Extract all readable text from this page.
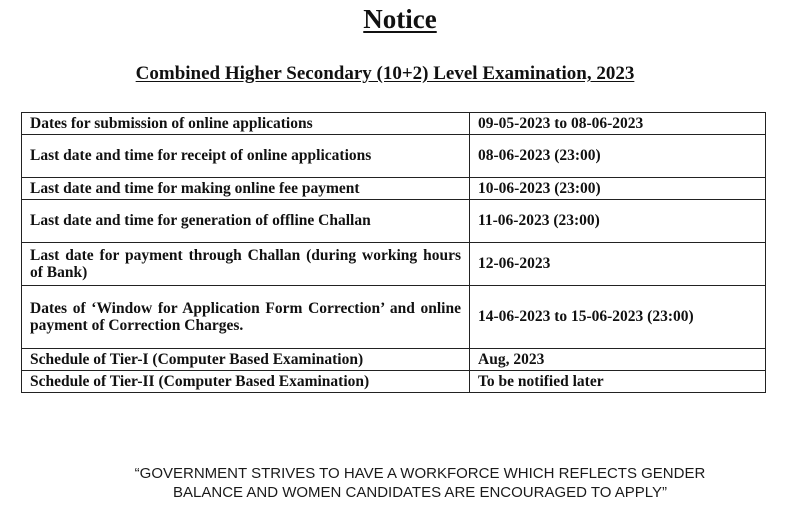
Notice
Combined Higher Secondary (10+2) Level Examination, 2023
Dates for submission of online applications	09-05-2023 to 08-06-2023
Last date and time for receipt of online applications	08-06-2023 (23:00)
Last date and time for making online fee payment	10-06-2023 (23:00)
Last date and time for generation of offline Challan	11-06-2023 (23:00)
Last date for payment through Challan (during working hours of Bank)	12-06-2023
Dates of ‘Window for Application Form Correction’ and online payment of Correction Charges.	14-06-2023 to 15-06-2023 (23:00)
Schedule of Tier-I (Computer Based Examination)	Aug, 2023
Schedule of Tier-II (Computer Based Examination)	To be notified later
“GOVERNMENT STRIVES TO HAVE A WORKFORCE WHICH REFLECTS GENDER
BALANCE AND WOMEN CANDIDATES ARE ENCOURAGED TO APPLY”
